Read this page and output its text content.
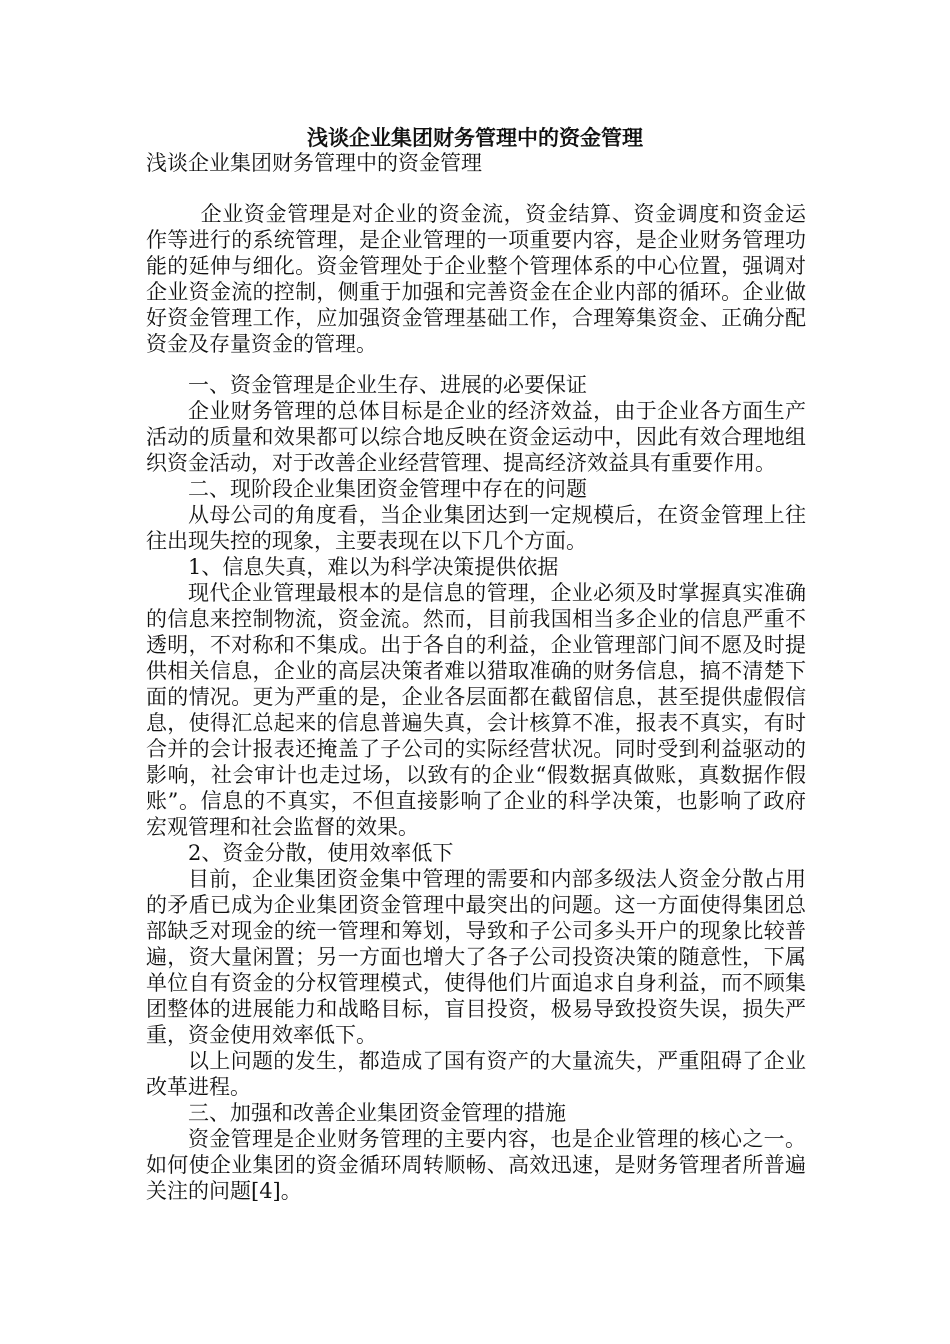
浅谈企业集团财务管理中的资金管理
浅谈企业集团财务管理中的资金管理

企业资金管理是对企业的资金流，资金结算、资金调度和资金运作等进行的系统管理，是企业管理的一项重要内容，是企业财务管理功能的延伸与细化。资金管理处于企业整个管理体系的中心位置，强调对企业资金流的控制，侧重于加强和完善资金在企业内部的循环。企业做好资金管理工作，应加强资金管理基础工作，合理筹集资金、正确分配资金及存量资金的管理。

一、资金管理是企业生存、进展的必要保证

企业财务管理的总体目标是企业的经济效益，由于企业各方面生产活动的质量和效果都可以综合地反映在资金运动中，因此有效合理地组织资金活动，对于改善企业经营管理、提高经济效益具有重要作用。

二、现阶段企业集团资金管理中存在的问题

从母公司的角度看，当企业集团达到一定规模后，在资金管理上往往出现失控的现象，主要表现在以下几个方面。

1、信息失真，难以为科学决策提供依据

现代企业管理最根本的是信息的管理，企业必须及时掌握真实准确的信息来控制物流，资金流。然而，目前我国相当多企业的信息严重不透明，不对称和不集成。出于各自的利益，企业管理部门间不愿及时提供相关信息，企业的高层决策者难以猎取准确的财务信息，搞不清楚下面的情况。更为严重的是，企业各层面都在截留信息，甚至提供虚假信息，使得汇总起来的信息普遍失真，会计核算不准，报表不真实，有时合并的会计报表还掩盖了子公司的实际经营状况。同时受到利益驱动的影响，社会审计也走过场，以致有的企业“假数据真做账，真数据作假账”。信息的不真实，不但直接影响了企业的科学决策，也影响了政府宏观管理和社会监督的效果。

2、资金分散，使用效率低下

目前，企业集团资金集中管理的需要和内部多级法人资金分散占用的矛盾已成为企业集团资金管理中最突出的问题。这一方面使得集团总部缺乏对现金的统一管理和筹划，导致和子公司多头开户的现象比较普遍，资大量闲置；另一方面也增大了各子公司投资决策的随意性，下属单位自有资金的分权管理模式，使得他们片面追求自身利益，而不顾集团整体的进展能力和战略目标，盲目投资，极易导致投资失误，损失严重，资金使用效率低下。

以上问题的发生，都造成了国有资产的大量流失，严重阻碍了企业改革进程。

三、加强和改善企业集团资金管理的措施

资金管理是企业财务管理的主要内容，也是企业管理的核心之一。如何使企业集团的资金循环周转顺畅、高效迅速，是财务管理者所普遍关注的问题[4]。
